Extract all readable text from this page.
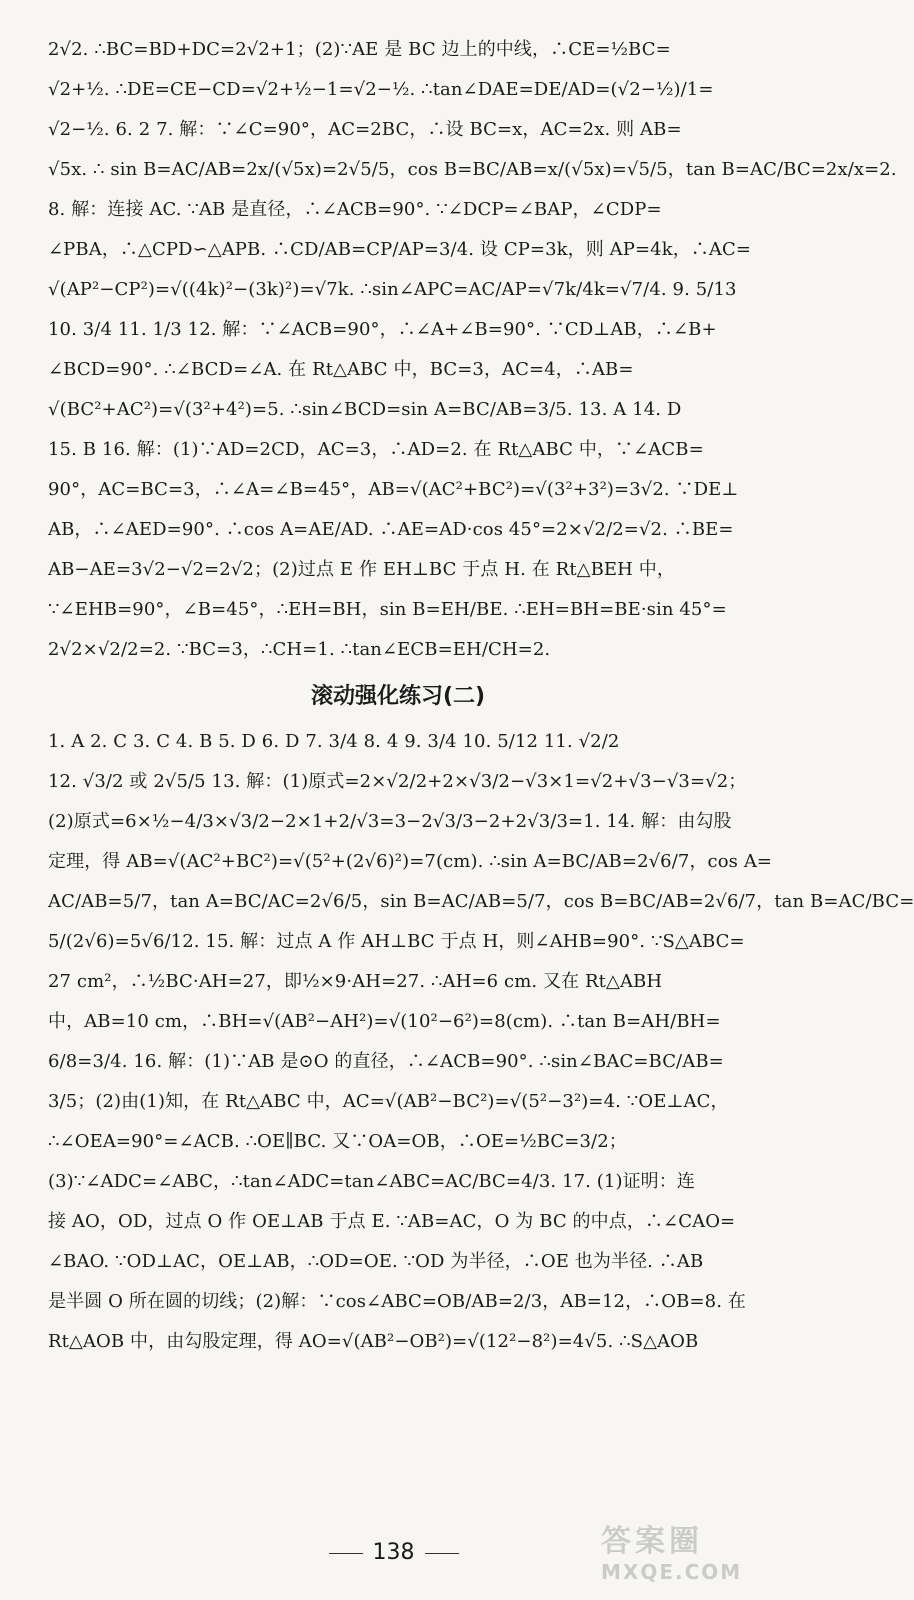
2√2. ∴BC=BD+DC=2√2+1；(2)∵AE 是 BC 边上的中线，∴CE=½BC=
√2+½. ∴DE=CE−CD=√2+½−1=√2−½. ∴tan∠DAE=DE/AD=(√2−½)/1=
√2−½. 6. 2 7. 解：∵∠C=90°，AC=2BC，∴设 BC=x，AC=2x. 则 AB=
√5x. ∴ sin B=AC/AB=2x/(√5x)=2√5/5，cos B=BC/AB=x/(√5x)=√5/5，tan B=AC/BC=2x/x=2.
8. 解：连接 AC. ∵AB 是直径，∴∠ACB=90°. ∵∠DCP=∠BAP，∠CDP=
∠PBA，∴△CPD∽△APB. ∴CD/AB=CP/AP=3/4. 设 CP=3k，则 AP=4k，∴AC=
√(AP²−CP²)=√((4k)²−(3k)²)=√7k. ∴sin∠APC=AC/AP=√7k/4k=√7/4. 9. 5/13
10. 3/4 11. 1/3 12. 解：∵∠ACB=90°，∴∠A+∠B=90°. ∵CD⊥AB，∴∠B+
∠BCD=90°. ∴∠BCD=∠A. 在 Rt△ABC 中，BC=3，AC=4，∴AB=
√(BC²+AC²)=√(3²+4²)=5. ∴sin∠BCD=sin A=BC/AB=3/5. 13. A 14. D
15. B 16. 解：(1)∵AD=2CD，AC=3，∴AD=2. 在 Rt△ABC 中，∵∠ACB=
90°，AC=BC=3，∴∠A=∠B=45°，AB=√(AC²+BC²)=√(3²+3²)=3√2. ∵DE⊥
AB，∴∠AED=90°. ∴cos A=AE/AD. ∴AE=AD·cos 45°=2×√2/2=√2. ∴BE=
AB−AE=3√2−√2=2√2；(2)过点 E 作 EH⊥BC 于点 H. 在 Rt△BEH 中，
∵∠EHB=90°，∠B=45°，∴EH=BH，sin B=EH/BE. ∴EH=BH=BE·sin 45°=
2√2×√2/2=2. ∵BC=3，∴CH=1. ∴tan∠ECB=EH/CH=2.
滚动强化练习(二)
1. A 2. C 3. C 4. B 5. D 6. D 7. 3/4 8. 4 9. 3/4 10. 5/12 11. √2/2
12. √3/2 或 2√5/5 13. 解：(1)原式=2×√2/2+2×√3/2−√3×1=√2+√3−√3=√2；
(2)原式=6×½−4/3×√3/2−2×1+2/√3=3−2√3/3−2+2√3/3=1. 14. 解：由勾股
定理，得 AB=√(AC²+BC²)=√(5²+(2√6)²)=7(cm). ∴sin A=BC/AB=2√6/7，cos A=
AC/AB=5/7，tan A=BC/AC=2√6/5，sin B=AC/AB=5/7，cos B=BC/AB=2√6/7，tan B=AC/BC=
5/(2√6)=5√6/12. 15. 解：过点 A 作 AH⊥BC 于点 H，则∠AHB=90°. ∵S△ABC=
27 cm²，∴½BC·AH=27，即½×9·AH=27. ∴AH=6 cm. 又在 Rt△ABH
中，AB=10 cm，∴BH=√(AB²−AH²)=√(10²−6²)=8(cm). ∴tan B=AH/BH=
6/8=3/4. 16. 解：(1)∵AB 是⊙O 的直径，∴∠ACB=90°. ∴sin∠BAC=BC/AB=
3/5；(2)由(1)知，在 Rt△ABC 中，AC=√(AB²−BC²)=√(5²−3²)=4. ∵OE⊥AC，
∴∠OEA=90°=∠ACB. ∴OE∥BC. 又∵OA=OB，∴OE=½BC=3/2；
(3)∵∠ADC=∠ABC，∴tan∠ADC=tan∠ABC=AC/BC=4/3. 17. (1)证明：连
接 AO，OD，过点 O 作 OE⊥AB 于点 E. ∵AB=AC，O 为 BC 的中点，∴∠CAO=
∠BAO. ∵OD⊥AC，OE⊥AB，∴OD=OE. ∵OD 为半径，∴OE 也为半径. ∴AB
是半圆 O 所在圆的切线；(2)解：∵cos∠ABC=OB/AB=2/3，AB=12，∴OB=8. 在
Rt△AOB 中，由勾股定理，得 AO=√(AB²−OB²)=√(12²−8²)=4√5. ∴S△AOB
138	答案圈
MXQE.COM
